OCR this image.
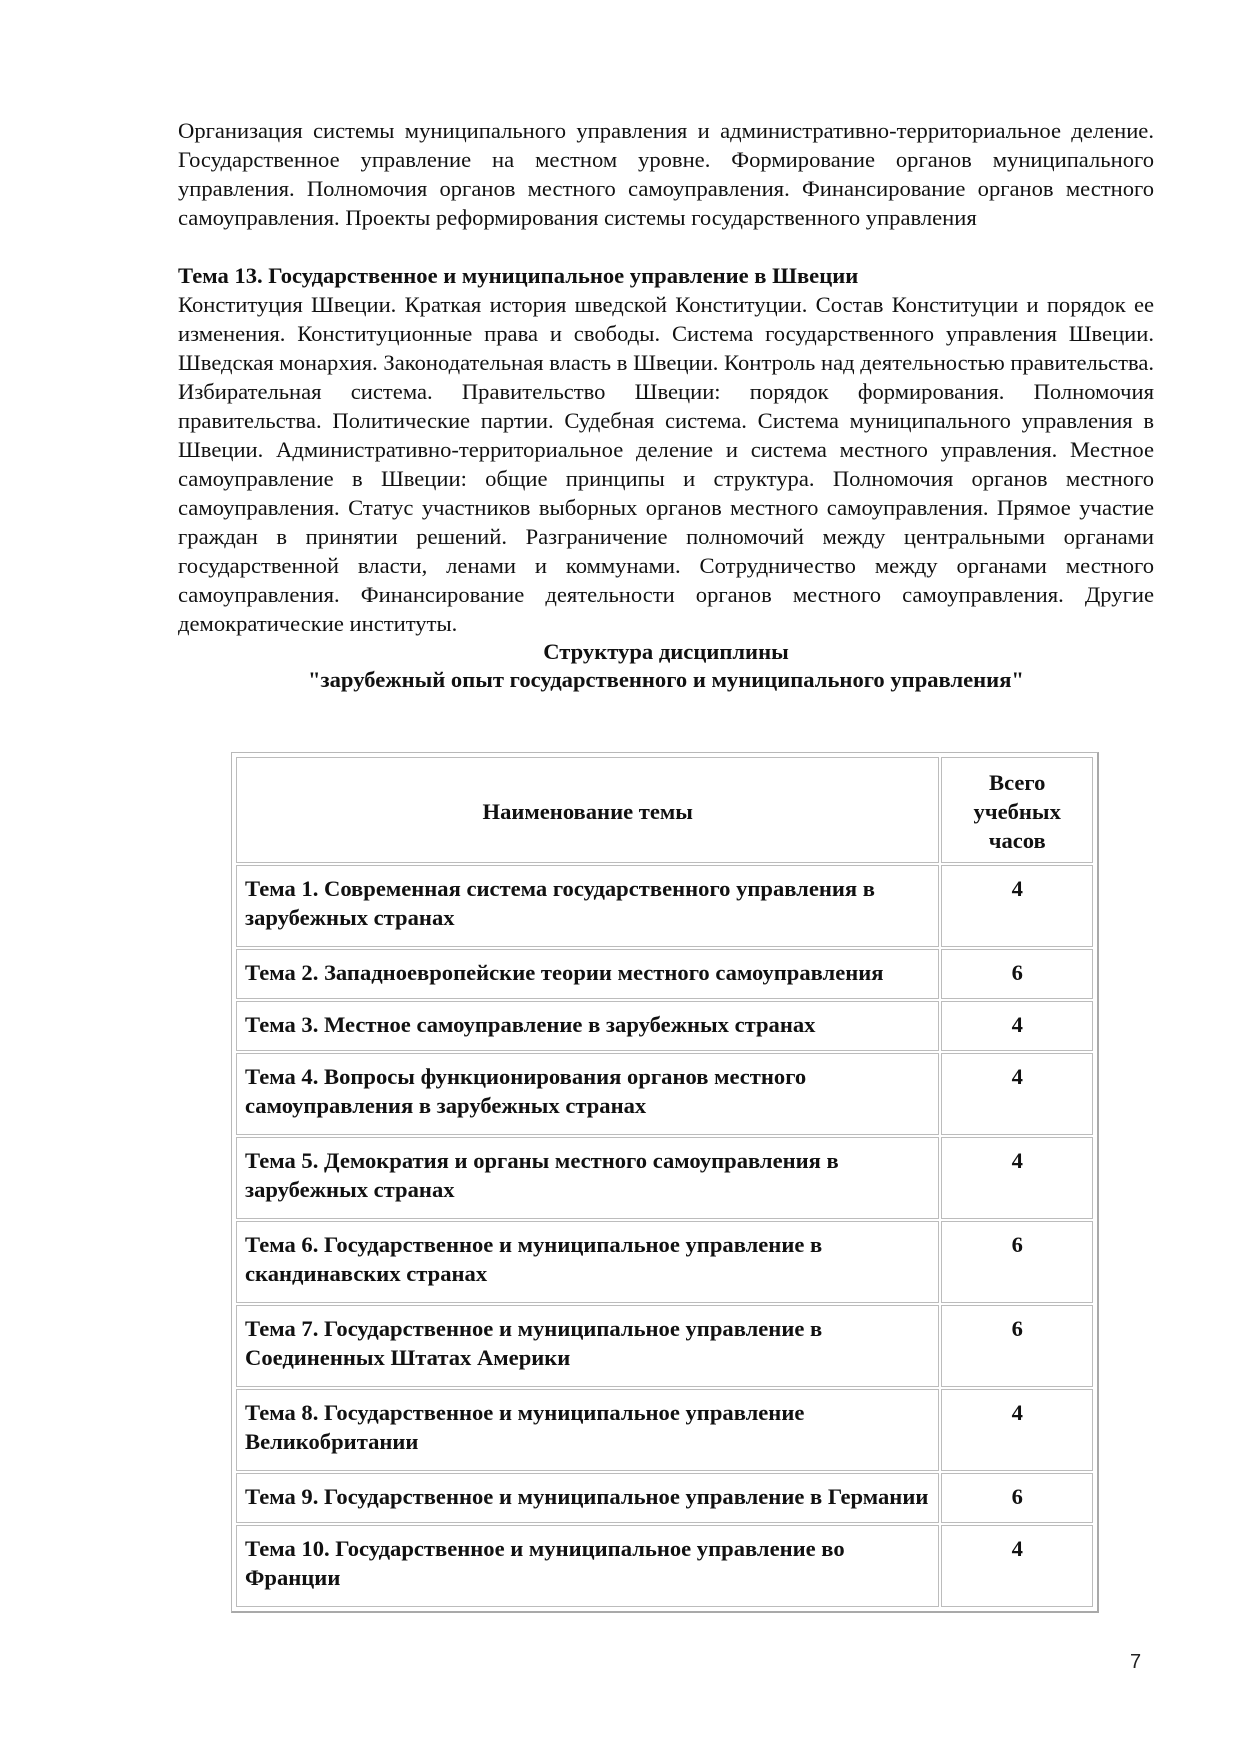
Организация системы муниципального управления и административно-территориальное деление. Государственное управление на местном уровне. Формирование органов муниципального управления. Полномочия органов местного самоуправления. Финансирование органов местного самоуправления. Проекты реформирования системы государственного управления

Тема 13. Государственное и муниципальное управление в Швеции

Конституция Швеции. Краткая история шведской Конституции. Состав Конституции и порядок ее изменения. Конституционные права и свободы. Система государственного управления Швеции. Шведская монархия. Законодательная власть в Швеции. Контроль над деятельностью правительства. Избирательная система. Правительство Швеции: порядок формирования. Полномочия правительства. Политические партии. Судебная система. Система муниципального управления в Швеции. Административно-территориальное деление и система местного управления. Местное самоуправление в Швеции: общие принципы и структура. Полномочия органов местного самоуправления. Статус участников выборных органов местного самоуправления. Прямое участие граждан в принятии решений. Разграничение полномочий между центральными органами государственной власти, ленами и коммунами. Сотрудничество между органами местного самоуправления. Финансирование деятельности органов местного самоуправления. Другие демократические институты.

Структура дисциплины

"зарубежный опыт государственного и муниципального управления"

Наименование темы	Всего учебных часов
Тема 1. Современная система государственного управления в зарубежных странах	4
Тема 2. Западноевропейские теории местного самоуправления	6
Тема 3. Местное самоуправление в зарубежных странах	4
Тема 4. Вопросы функционирования органов местного самоуправления в зарубежных странах	4
Тема 5. Демократия и органы местного самоуправления в зарубежных странах	4
Тема 6. Государственное и муниципальное управление в скандинавских странах	6
Тема 7. Государственное и муниципальное управление в Соединенных Штатах Америки	6
Тема 8. Государственное и муниципальное управление Великобритании	4
Тема 9. Государственное и муниципальное управление в Германии	6
Тема 10. Государственное и муниципальное управление во Франции	4
7
